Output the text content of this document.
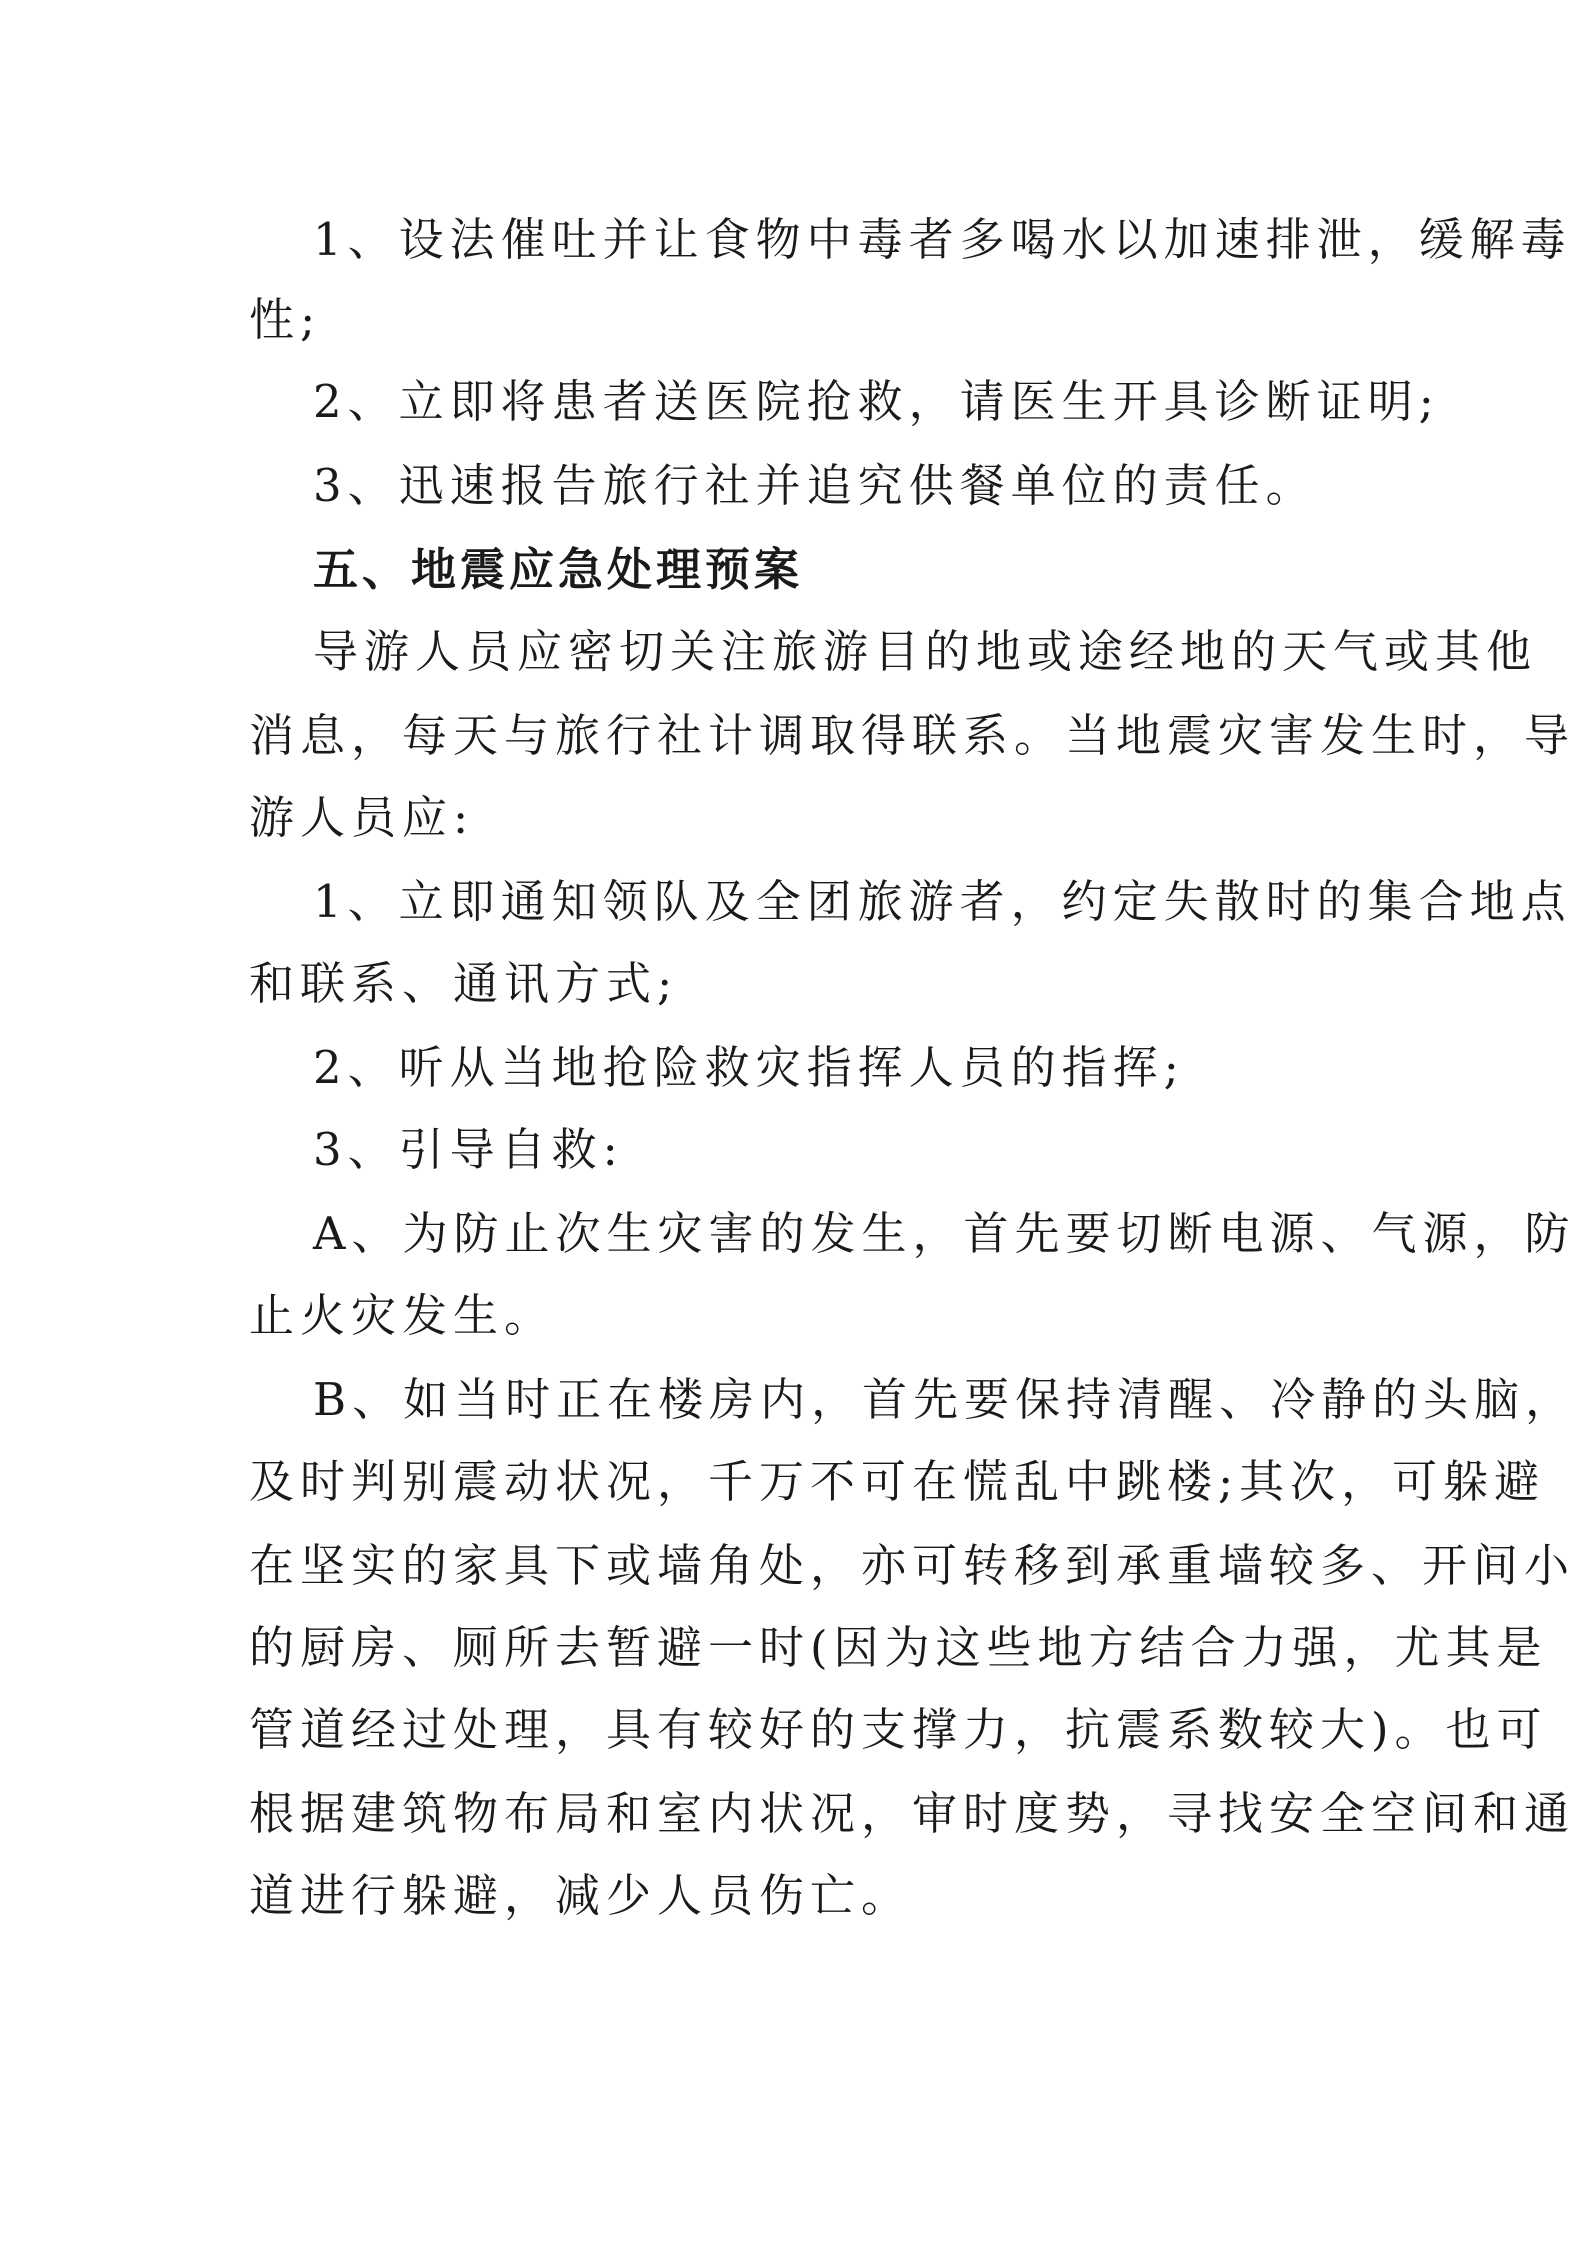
1、设法催吐并让食物中毒者多喝水以加速排泄，缓解毒
性;
2、立即将患者送医院抢救，请医生开具诊断证明;
3、迅速报告旅行社并追究供餐单位的责任。
五、地震应急处理预案
导游人员应密切关注旅游目的地或途经地的天气或其他
消息，每天与旅行社计调取得联系。当地震灾害发生时，导
游人员应:
1、立即通知领队及全团旅游者，约定失散时的集合地点
和联系、通讯方式;
2、听从当地抢险救灾指挥人员的指挥;
3、引导自救:
A、为防止次生灾害的发生，首先要切断电源、气源，防
止火灾发生。
B、如当时正在楼房内，首先要保持清醒、冷静的头脑，
及时判别震动状况，千万不可在慌乱中跳楼;其次，可躲避
在坚实的家具下或墙角处，亦可转移到承重墙较多、开间小
的厨房、厕所去暂避一时(因为这些地方结合力强，尤其是
管道经过处理，具有较好的支撑力，抗震系数较大)。也可
根据建筑物布局和室内状况，审时度势，寻找安全空间和通
道进行躲避，减少人员伤亡。
